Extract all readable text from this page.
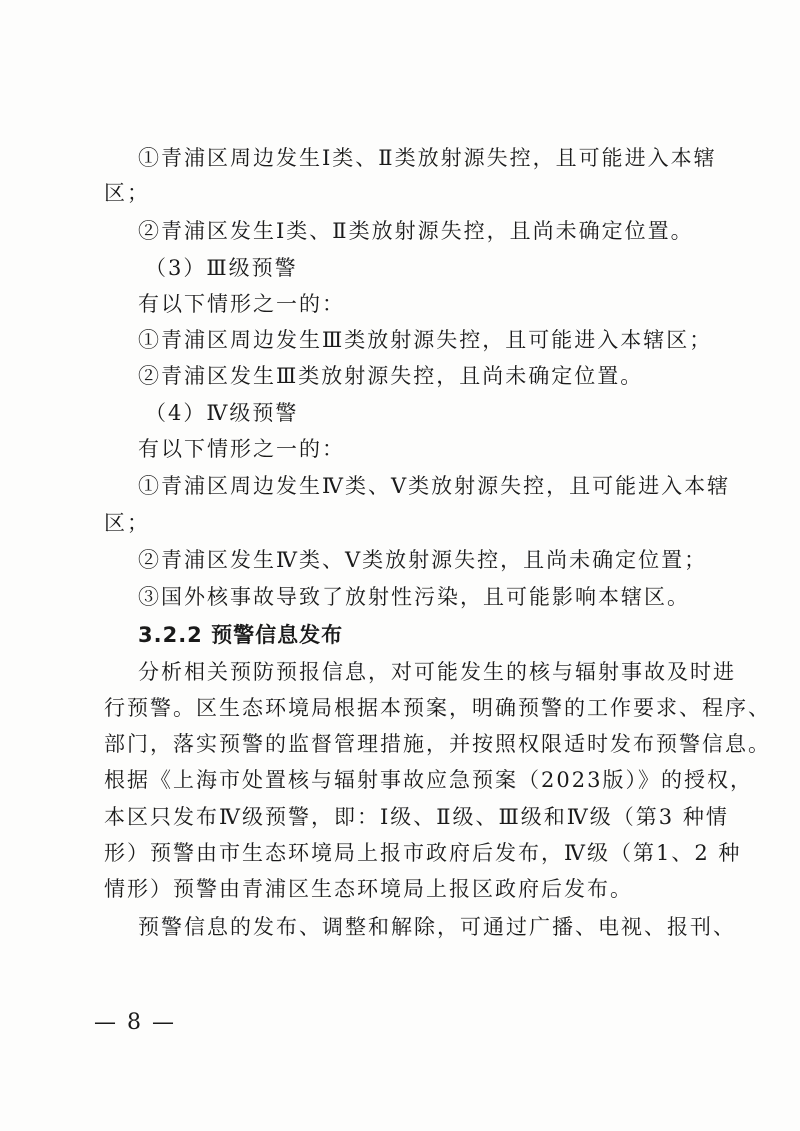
①青浦区周边发生Ⅰ类、Ⅱ类放射源失控，且可能进入本辖
区；
②青浦区发生Ⅰ类、Ⅱ类放射源失控，且尚未确定位置。
（3）Ⅲ级预警
有以下情形之一的：
①青浦区周边发生Ⅲ类放射源失控，且可能进入本辖区；
②青浦区发生Ⅲ类放射源失控，且尚未确定位置。
（4）Ⅳ级预警
有以下情形之一的：
①青浦区周边发生Ⅳ类、Ⅴ类放射源失控，且可能进入本辖
区；
②青浦区发生Ⅳ类、Ⅴ类放射源失控，且尚未确定位置；
③国外核事故导致了放射性污染，且可能影响本辖区。
3.2.2 预警信息发布
分析相关预防预报信息，对可能发生的核与辐射事故及时进
行预警。区生态环境局根据本预案，明确预警的工作要求、程序、
部门，落实预警的监督管理措施，并按照权限适时发布预警信息。
根据《上海市处置核与辐射事故应急预案（2023版）》的授权，
本区只发布Ⅳ级预警，即：Ⅰ级、Ⅱ级、Ⅲ级和Ⅳ级（第3 种情
形）预警由市生态环境局上报市政府后发布，Ⅳ级（第1、2 种
情形）预警由青浦区生态环境局上报区政府后发布。
预警信息的发布、调整和解除，可通过广播、电视、报刊、
— 8 —
